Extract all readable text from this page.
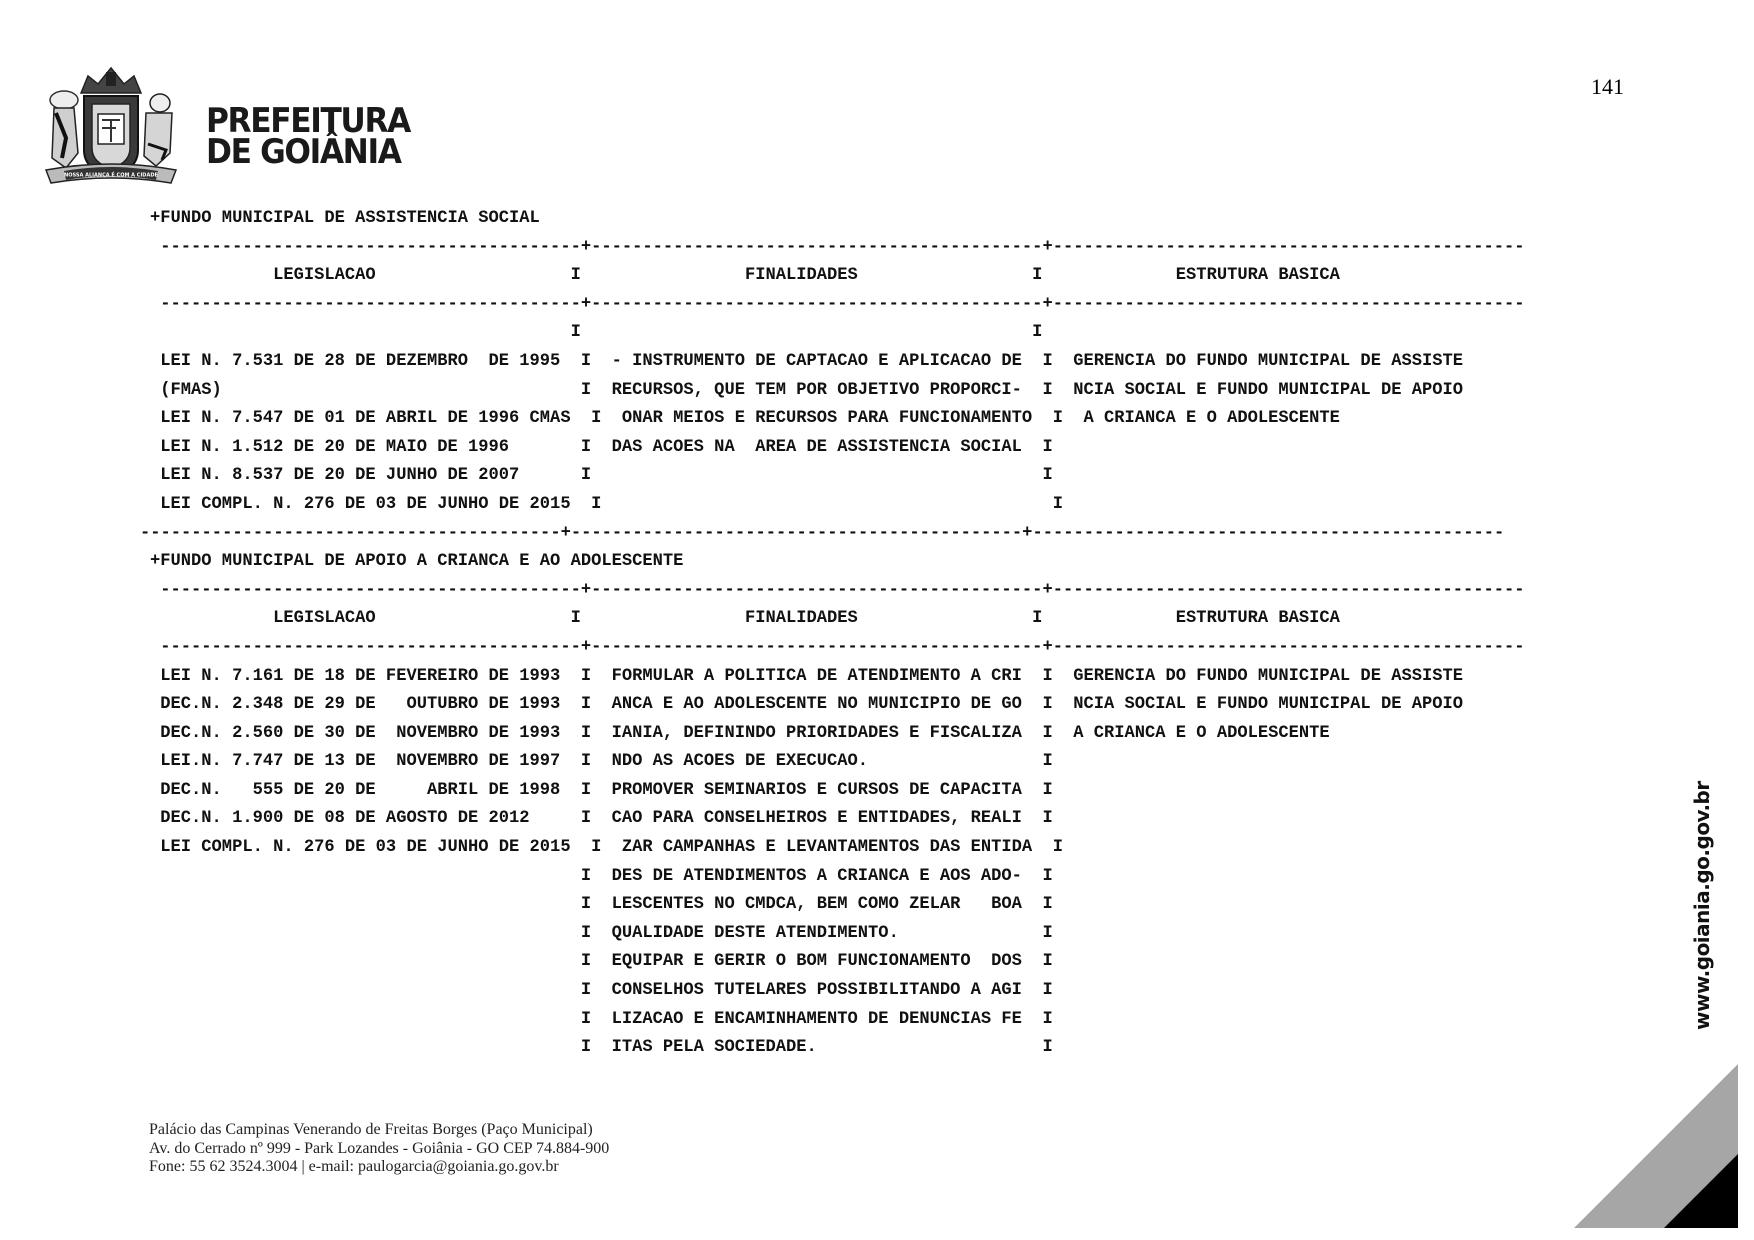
NOSSA ALIANÇA É COM A CIDADE
PREFEITURA
DE GOIÂNIA
141
+FUNDO MUNICIPAL DE ASSISTENCIA SOCIAL
-----------------------------------------+--------------------------------------------+----------------------------------------------
LEGISLACAO                   I                FINALIDADES                 I             ESTRUTURA BASICA
-----------------------------------------+--------------------------------------------+----------------------------------------------
I                                            I
LEI N. 7.531 DE 28 DE DEZEMBRO  DE 1995  I  - INSTRUMENTO DE CAPTACAO E APLICACAO DE  I  GERENCIA DO FUNDO MUNICIPAL DE ASSISTE
(FMAS)                                   I  RECURSOS, QUE TEM POR OBJETIVO PROPORCI-  I  NCIA SOCIAL E FUNDO MUNICIPAL DE APOIO
LEI N. 7.547 DE 01 DE ABRIL DE 1996 CMAS  I  ONAR MEIOS E RECURSOS PARA FUNCIONAMENTO  I  A CRIANCA E O ADOLESCENTE
LEI N. 1.512 DE 20 DE MAIO DE 1996       I  DAS ACOES NA  AREA DE ASSISTENCIA SOCIAL  I
LEI N. 8.537 DE 20 DE JUNHO DE 2007      I                                            I
LEI COMPL. N. 276 DE 03 DE JUNHO DE 2015  I                                            I
-----------------------------------------+--------------------------------------------+----------------------------------------------
+FUNDO MUNICIPAL DE APOIO A CRIANCA E AO ADOLESCENTE
-----------------------------------------+--------------------------------------------+----------------------------------------------
LEGISLACAO                   I                FINALIDADES                 I             ESTRUTURA BASICA
-----------------------------------------+--------------------------------------------+----------------------------------------------
LEI N. 7.161 DE 18 DE FEVEREIRO DE 1993  I  FORMULAR A POLITICA DE ATENDIMENTO A CRI  I  GERENCIA DO FUNDO MUNICIPAL DE ASSISTE
DEC.N. 2.348 DE 29 DE   OUTUBRO DE 1993  I  ANCA E AO ADOLESCENTE NO MUNICIPIO DE GO  I  NCIA SOCIAL E FUNDO MUNICIPAL DE APOIO
DEC.N. 2.560 DE 30 DE  NOVEMBRO DE 1993  I  IANIA, DEFININDO PRIORIDADES E FISCALIZA  I  A CRIANCA E O ADOLESCENTE
LEI.N. 7.747 DE 13 DE  NOVEMBRO DE 1997  I  NDO AS ACOES DE EXECUCAO.                 I
DEC.N.   555 DE 20 DE     ABRIL DE 1998  I  PROMOVER SEMINARIOS E CURSOS DE CAPACITA  I
DEC.N. 1.900 DE 08 DE AGOSTO DE 2012     I  CAO PARA CONSELHEIROS E ENTIDADES, REALI  I
LEI COMPL. N. 276 DE 03 DE JUNHO DE 2015  I  ZAR CAMPANHAS E LEVANTAMENTOS DAS ENTIDA  I
I  DES DE ATENDIMENTOS A CRIANCA E AOS ADO-  I
I  LESCENTES NO CMDCA, BEM COMO ZELAR   BOA  I
I  QUALIDADE DESTE ATENDIMENTO.              I
I  EQUIPAR E GERIR O BOM FUNCIONAMENTO  DOS  I
I  CONSELHOS TUTELARES POSSIBILITANDO A AGI  I
I  LIZACAO E ENCAMINHAMENTO DE DENUNCIAS FE  I
I  ITAS PELA SOCIEDADE.                      I
Palácio das Campinas Venerando de Freitas Borges (Paço Municipal)
Av. do Cerrado nº 999 - Park Lozandes - Goiânia - GO CEP 74.884-900
Fone: 55 62 3524.3004 | e-mail: paulogarcia@goiania.go.gov.br
www.goiania.go.gov.br
